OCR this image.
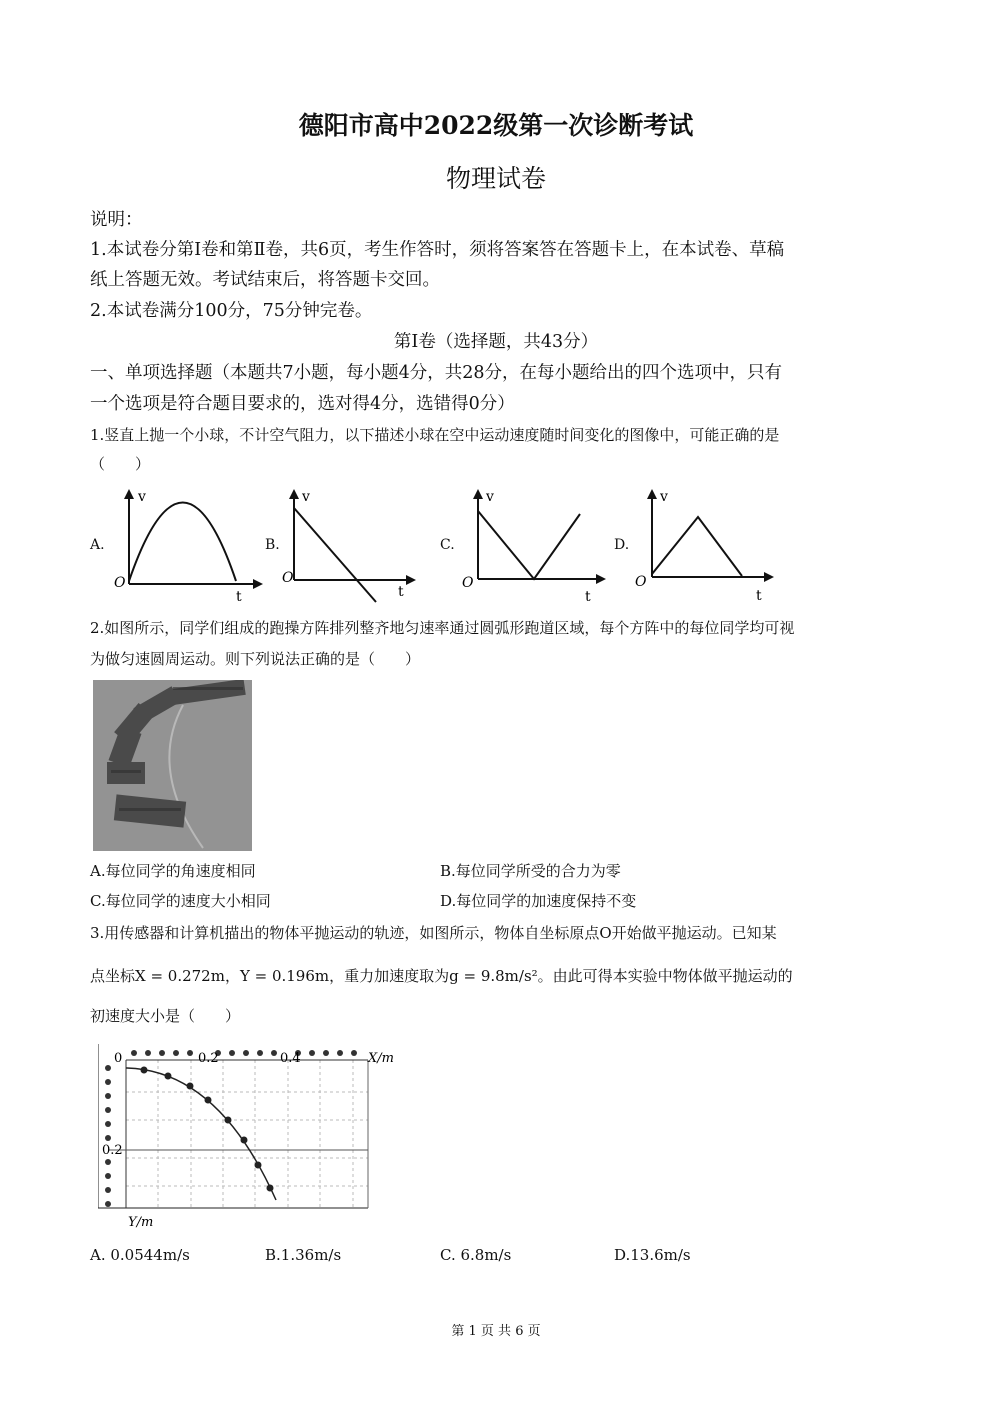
德阳市高中2022级第一次诊断考试
物理试卷
说明：
1.本试卷分第Ⅰ卷和第Ⅱ卷，共6页，考生作答时，须将答案答在答题卡上，在本试卷、草稿
纸上答题无效。考试结束后，将答题卡交回。
2.本试卷满分100分，75分钟完卷。
第Ⅰ卷（选择题，共43分）
一、单项选择题（本题共7小题，每小题4分，共28分，在每小题给出的四个选项中，只有
一个选项是符合题目要求的，选对得4分，选错得0分）
1.竖直上抛一个小球，不计空气阻力，以下描述小球在空中运动速度随时间变化的图像中，可能正确的是
（　　）
A.
v
t
O
B.
v
t
O
C.
v
t
O
D.
v
t
O
2.如图所示，同学们组成的跑操方阵排列整齐地匀速率通过圆弧形跑道区域，每个方阵中的每位同学均可视
为做匀速圆周运动。则下列说法正确的是（　　）
A.每位同学的角速度相同	B.每位同学所受的合力为零
C.每位同学的速度大小相同	D.每位同学的加速度保持不变
3.用传感器和计算机描出的物体平抛运动的轨迹，如图所示，物体自坐标原点O开始做平抛运动。已知某
点坐标X = 0.272m，Y = 0.196m，重力加速度取为g = 9.8m/s²。由此可得本实验中物体做平抛运动的
初速度大小是（　　）
0	0.2	0.4	X/m
0.2
Y/m
A. 0.0544m/s	B.1.36m/s	C. 6.8m/s	D.13.6m/s
第 1 页 共 6 页
